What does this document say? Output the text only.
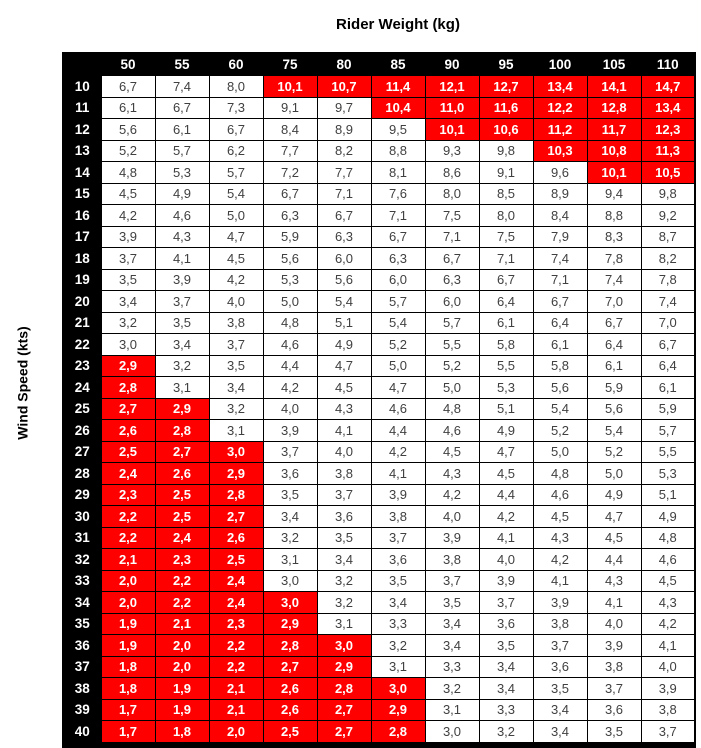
Rider Weight (kg)
Wind Speed (kts)
	50	55	60	75	80	85	90	95	100	105	110
10	6,7	7,4	8,0	10,1	10,7	11,4	12,1	12,7	13,4	14,1	14,7
11	6,1	6,7	7,3	9,1	9,7	10,4	11,0	11,6	12,2	12,8	13,4
12	5,6	6,1	6,7	8,4	8,9	9,5	10,1	10,6	11,2	11,7	12,3
13	5,2	5,7	6,2	7,7	8,2	8,8	9,3	9,8	10,3	10,8	11,3
14	4,8	5,3	5,7	7,2	7,7	8,1	8,6	9,1	9,6	10,1	10,5
15	4,5	4,9	5,4	6,7	7,1	7,6	8,0	8,5	8,9	9,4	9,8
16	4,2	4,6	5,0	6,3	6,7	7,1	7,5	8,0	8,4	8,8	9,2
17	3,9	4,3	4,7	5,9	6,3	6,7	7,1	7,5	7,9	8,3	8,7
18	3,7	4,1	4,5	5,6	6,0	6,3	6,7	7,1	7,4	7,8	8,2
19	3,5	3,9	4,2	5,3	5,6	6,0	6,3	6,7	7,1	7,4	7,8
20	3,4	3,7	4,0	5,0	5,4	5,7	6,0	6,4	6,7	7,0	7,4
21	3,2	3,5	3,8	4,8	5,1	5,4	5,7	6,1	6,4	6,7	7,0
22	3,0	3,4	3,7	4,6	4,9	5,2	5,5	5,8	6,1	6,4	6,7
23	2,9	3,2	3,5	4,4	4,7	5,0	5,2	5,5	5,8	6,1	6,4
24	2,8	3,1	3,4	4,2	4,5	4,7	5,0	5,3	5,6	5,9	6,1
25	2,7	2,9	3,2	4,0	4,3	4,6	4,8	5,1	5,4	5,6	5,9
26	2,6	2,8	3,1	3,9	4,1	4,4	4,6	4,9	5,2	5,4	5,7
27	2,5	2,7	3,0	3,7	4,0	4,2	4,5	4,7	5,0	5,2	5,5
28	2,4	2,6	2,9	3,6	3,8	4,1	4,3	4,5	4,8	5,0	5,3
29	2,3	2,5	2,8	3,5	3,7	3,9	4,2	4,4	4,6	4,9	5,1
30	2,2	2,5	2,7	3,4	3,6	3,8	4,0	4,2	4,5	4,7	4,9
31	2,2	2,4	2,6	3,2	3,5	3,7	3,9	4,1	4,3	4,5	4,8
32	2,1	2,3	2,5	3,1	3,4	3,6	3,8	4,0	4,2	4,4	4,6
33	2,0	2,2	2,4	3,0	3,2	3,5	3,7	3,9	4,1	4,3	4,5
34	2,0	2,2	2,4	3,0	3,2	3,4	3,5	3,7	3,9	4,1	4,3
35	1,9	2,1	2,3	2,9	3,1	3,3	3,4	3,6	3,8	4,0	4,2
36	1,9	2,0	2,2	2,8	3,0	3,2	3,4	3,5	3,7	3,9	4,1
37	1,8	2,0	2,2	2,7	2,9	3,1	3,3	3,4	3,6	3,8	4,0
38	1,8	1,9	2,1	2,6	2,8	3,0	3,2	3,4	3,5	3,7	3,9
39	1,7	1,9	2,1	2,6	2,7	2,9	3,1	3,3	3,4	3,6	3,8
40	1,7	1,8	2,0	2,5	2,7	2,8	3,0	3,2	3,4	3,5	3,7
